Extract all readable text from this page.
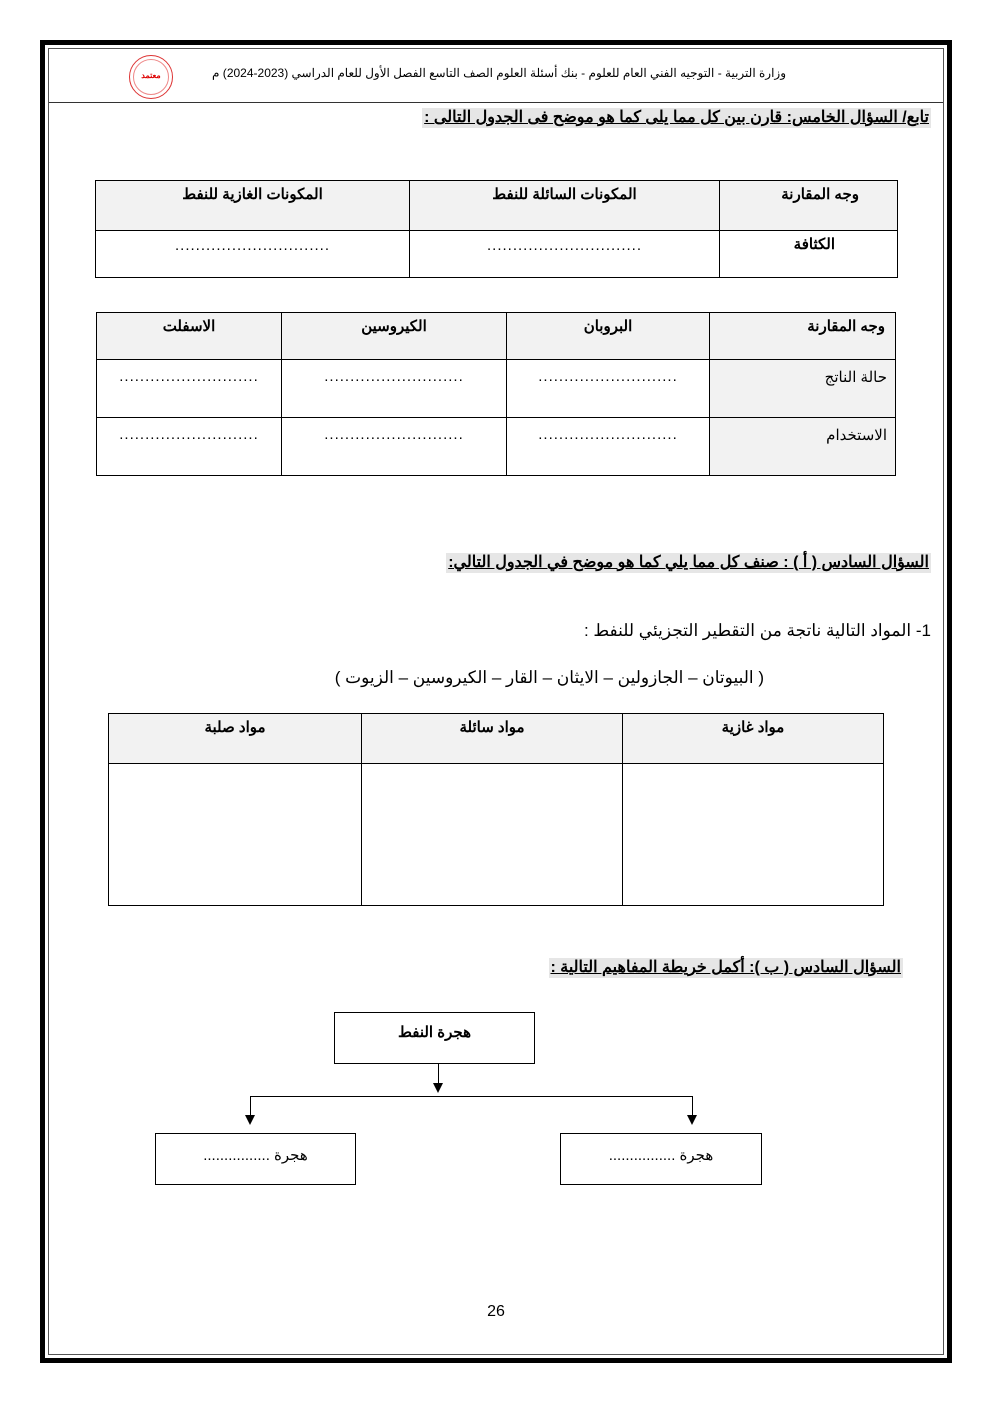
وزارة التربية - التوجيه الفني العام للعلوم - بنك أسئلة العلوم الصف التاسع الفصل الأول للعام الدراسي (2023-2024) م
معتمد
تابع/ السؤال الخامس: قارن بين كل مما يلى كما هو موضح فى الجدول التالى :
وجه المقارنة	المكونات السائلة للنفط	المكونات الغازية للنفط
الكثافة	..............................	..............................
وجه المقارنة	البروبان	الكيروسين	الاسفلت
حالة الناتج	...........................	...........................	...........................
الاستخدام	...........................	...........................	...........................
السؤال السادس ( أ ) : صنف كل مما يلي كما هو موضح في الجدول التالي:
1- المواد التالية ناتجة من التقطير التجزيئي للنفط :
( البيوتان – الجازولين – الايثان – القار – الكيروسين – الزيوت )
مواد غازية	مواد سائلة	مواد صلبة

السؤال السادس ( ب ): أكمل خريطة المفاهيم التالية :
هجرة النفط
هجرة ................
هجرة ................
26
